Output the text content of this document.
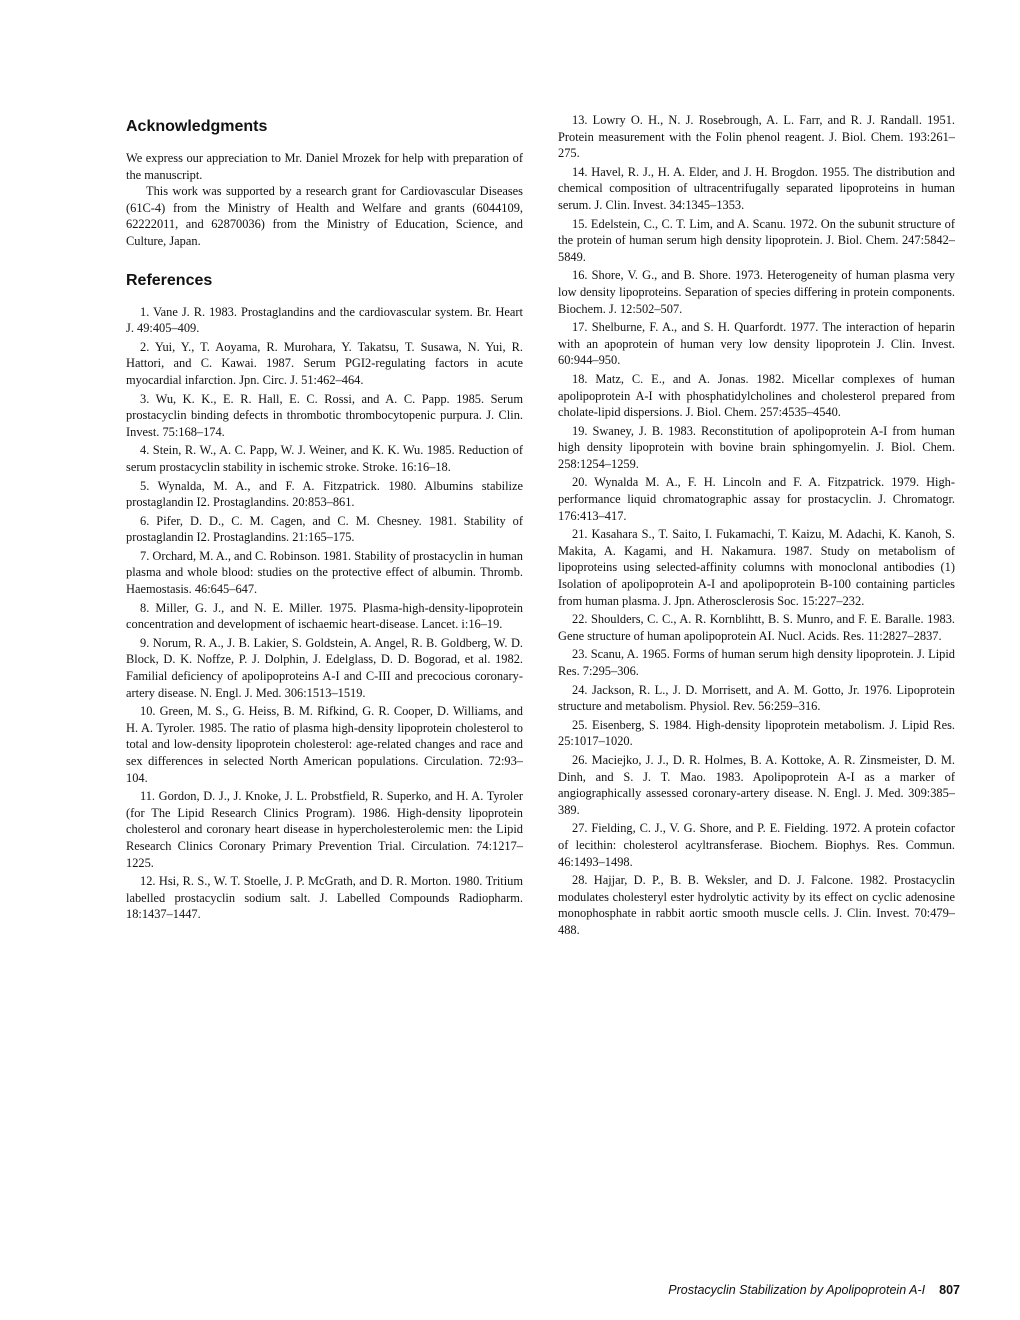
Acknowledgments

We express our appreciation to Mr. Daniel Mrozek for help with preparation of the manuscript.

This work was supported by a research grant for Cardiovascular Diseases (61C-4) from the Ministry of Health and Welfare and grants (6044109, 62222011, and 62870036) from the Ministry of Education, Science, and Culture, Japan.

References
1. Vane J. R. 1983. Prostaglandins and the cardiovascular system. Br. Heart J. 49:405–409.
2. Yui, Y., T. Aoyama, R. Murohara, Y. Takatsu, T. Susawa, N. Yui, R. Hattori, and C. Kawai. 1987. Serum PGI2-regulating factors in acute myocardial infarction. Jpn. Circ. J. 51:462–464.
3. Wu, K. K., E. R. Hall, E. C. Rossi, and A. C. Papp. 1985. Serum prostacyclin binding defects in thrombotic thrombocytopenic purpura. J. Clin. Invest. 75:168–174.
4. Stein, R. W., A. C. Papp, W. J. Weiner, and K. K. Wu. 1985. Reduction of serum prostacyclin stability in ischemic stroke. Stroke. 16:16–18.
5. Wynalda, M. A., and F. A. Fitzpatrick. 1980. Albumins stabilize prostaglandin I2. Prostaglandins. 20:853–861.
6. Pifer, D. D., C. M. Cagen, and C. M. Chesney. 1981. Stability of prostaglandin I2. Prostaglandins. 21:165–175.
7. Orchard, M. A., and C. Robinson. 1981. Stability of prostacyclin in human plasma and whole blood: studies on the protective effect of albumin. Thromb. Haemostasis. 46:645–647.
8. Miller, G. J., and N. E. Miller. 1975. Plasma-high-density-lipoprotein concentration and development of ischaemic heart-disease. Lancet. i:16–19.
9. Norum, R. A., J. B. Lakier, S. Goldstein, A. Angel, R. B. Goldberg, W. D. Block, D. K. Noffze, P. J. Dolphin, J. Edelglass, D. D. Bogorad, et al. 1982. Familial deficiency of apolipoproteins A-I and C-III and precocious coronary-artery disease. N. Engl. J. Med. 306:1513–1519.
10. Green, M. S., G. Heiss, B. M. Rifkind, G. R. Cooper, D. Williams, and H. A. Tyroler. 1985. The ratio of plasma high-density lipoprotein cholesterol to total and low-density lipoprotein cholesterol: age-related changes and race and sex differences in selected North American populations. Circulation. 72:93–104.
11. Gordon, D. J., J. Knoke, J. L. Probstfield, R. Superko, and H. A. Tyroler (for The Lipid Research Clinics Program). 1986. High-density lipoprotein cholesterol and coronary heart disease in hypercholesterolemic men: the Lipid Research Clinics Coronary Primary Prevention Trial. Circulation. 74:1217–1225.
12. Hsi, R. S., W. T. Stoelle, J. P. McGrath, and D. R. Morton. 1980. Tritium labelled prostacyclin sodium salt. J. Labelled Compounds Radiopharm. 18:1437–1447.
13. Lowry O. H., N. J. Rosebrough, A. L. Farr, and R. J. Randall. 1951. Protein measurement with the Folin phenol reagent. J. Biol. Chem. 193:261–275.
14. Havel, R. J., H. A. Elder, and J. H. Brogdon. 1955. The distribution and chemical composition of ultracentrifugally separated lipoproteins in human serum. J. Clin. Invest. 34:1345–1353.
15. Edelstein, C., C. T. Lim, and A. Scanu. 1972. On the subunit structure of the protein of human serum high density lipoprotein. J. Biol. Chem. 247:5842–5849.
16. Shore, V. G., and B. Shore. 1973. Heterogeneity of human plasma very low density lipoproteins. Separation of species differing in protein components. Biochem. J. 12:502–507.
17. Shelburne, F. A., and S. H. Quarfordt. 1977. The interaction of heparin with an apoprotein of human very low density lipoprotein J. Clin. Invest. 60:944–950.
18. Matz, C. E., and A. Jonas. 1982. Micellar complexes of human apolipoprotein A-I with phosphatidylcholines and cholesterol prepared from cholate-lipid dispersions. J. Biol. Chem. 257:4535–4540.
19. Swaney, J. B. 1983. Reconstitution of apolipoprotein A-I from human high density lipoprotein with bovine brain sphingomyelin. J. Biol. Chem. 258:1254–1259.
20. Wynalda M. A., F. H. Lincoln and F. A. Fitzpatrick. 1979. High-performance liquid chromatographic assay for prostacyclin. J. Chromatogr. 176:413–417.
21. Kasahara S., T. Saito, I. Fukamachi, T. Kaizu, M. Adachi, K. Kanoh, S. Makita, A. Kagami, and H. Nakamura. 1987. Study on metabolism of lipoproteins using selected-affinity columns with monoclonal antibodies (1) Isolation of apolipoprotein A-I and apolipoprotein B-100 containing particles from human plasma. J. Jpn. Atherosclerosis Soc. 15:227–232.
22. Shoulders, C. C., A. R. Kornblihtt, B. S. Munro, and F. E. Baralle. 1983. Gene structure of human apolipoprotein AI. Nucl. Acids. Res. 11:2827–2837.
23. Scanu, A. 1965. Forms of human serum high density lipoprotein. J. Lipid Res. 7:295–306.
24. Jackson, R. L., J. D. Morrisett, and A. M. Gotto, Jr. 1976. Lipoprotein structure and metabolism. Physiol. Rev. 56:259–316.
25. Eisenberg, S. 1984. High-density lipoprotein metabolism. J. Lipid Res. 25:1017–1020.
26. Maciejko, J. J., D. R. Holmes, B. A. Kottoke, A. R. Zinsmeister, D. M. Dinh, and S. J. T. Mao. 1983. Apolipoprotein A-I as a marker of angiographically assessed coronary-artery disease. N. Engl. J. Med. 309:385–389.
27. Fielding, C. J., V. G. Shore, and P. E. Fielding. 1972. A protein cofactor of lecithin: cholesterol acyltransferase. Biochem. Biophys. Res. Commun. 46:1493–1498.
28. Hajjar, D. P., B. B. Weksler, and D. J. Falcone. 1982. Prostacyclin modulates cholesteryl ester hydrolytic activity by its effect on cyclic adenosine monophosphate in rabbit aortic smooth muscle cells. J. Clin. Invest. 70:479–488.
Prostacyclin Stabilization by Apolipoprotein A-I 807
